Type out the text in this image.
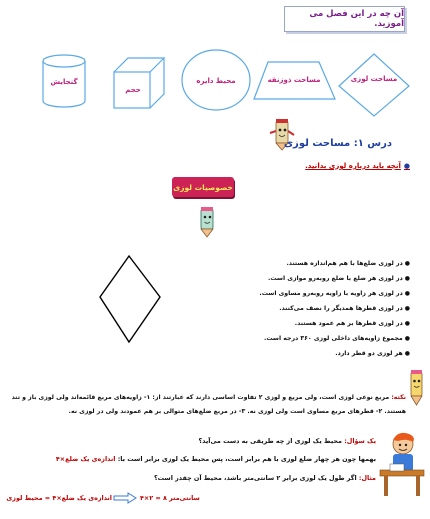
آن چه در این فصل می آموزید.
مساحت لوزی
مساحت ذوزنقه
محیط دایره
حجم
گنجایش
درس ۱: مساحت لوزی
●آنچه باید درباره لوزی بدانید.
خصوصیات لوزی
●در لوزی ضلع‌ها با هم هم‌اندازه هستند.
●در لوزی هر ضلع با ضلع روبه‌رو موازی است.
●در لوزی هر زاویه با زاویه روبه‌رو مساوی است.
●در لوزی قطرها همدیگر را نصف می‌کنند.
●در لوزی قطرها بر هم عمود هستند.
●مجموع زاویه‌های داخلی لوزی ۳۶۰ درجه است.
●هر لوزی دو قطر دارد.
نکته: مربع نوعی لوزی است، ولی مربع و لوزی ۲ تفاوت اساسی دارند که عبارتند از: ۱- زاویه‌های مربع قائمه‌اند ولی لوزی باز و تند
هستند. ۲- قطرهای مربع مساوی است ولی لوزی نه. ۳- در مربع ضلع‌های متوالی بر هم عمودند ولی در لوزی نه.
یک سؤال: محیط یک لوزی از چه طریقی به دست می‌آید؟
بهمها چون هر چهار ضلع لوزی با هم برابر است، پس محیط یک لوزی برابر است با: اندازه‌ی یک ضلع×۴
مثال: اگر طول یک لوزی برابر ۲ سانتی‌متر باشد، محیط آن چقدر است؟
اندازه‌ی یک ضلع×۴ = محیط لوزی	سانتی‌متر ۸ = ۲×۴
